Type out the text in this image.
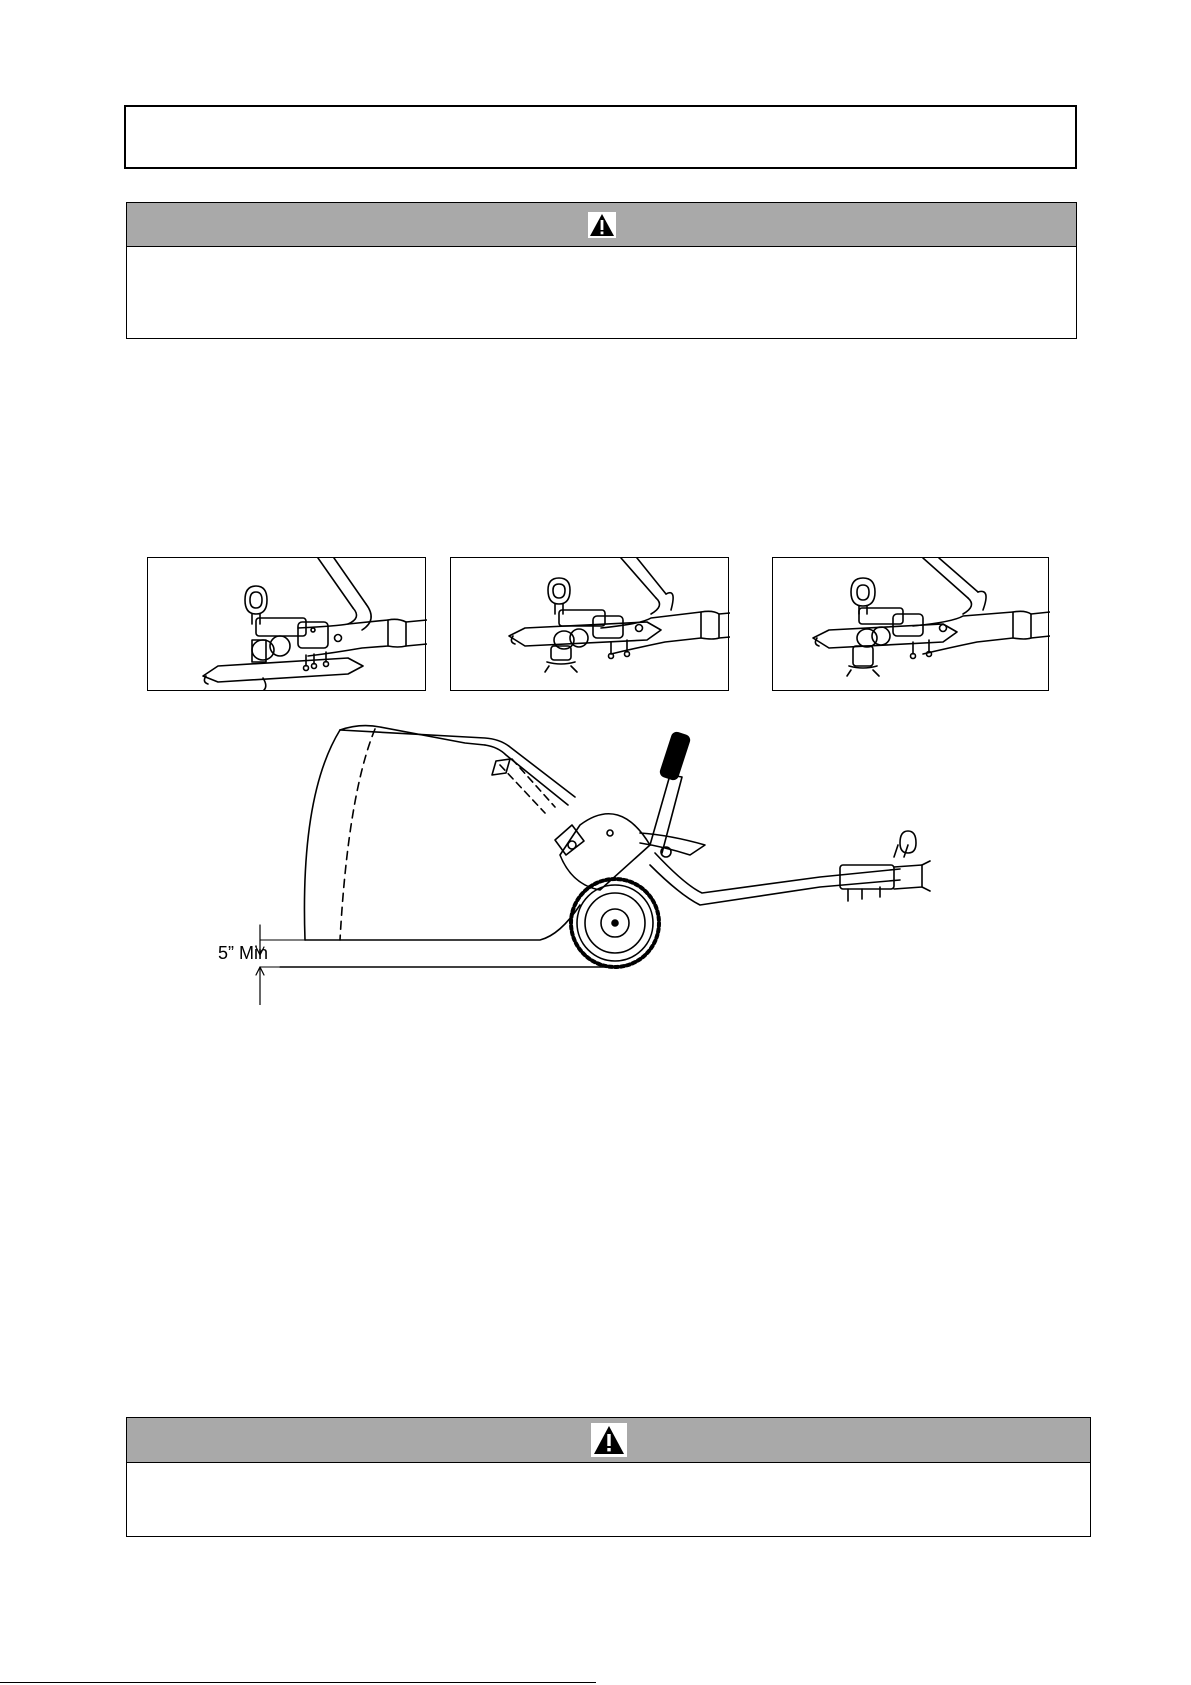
5” Min
